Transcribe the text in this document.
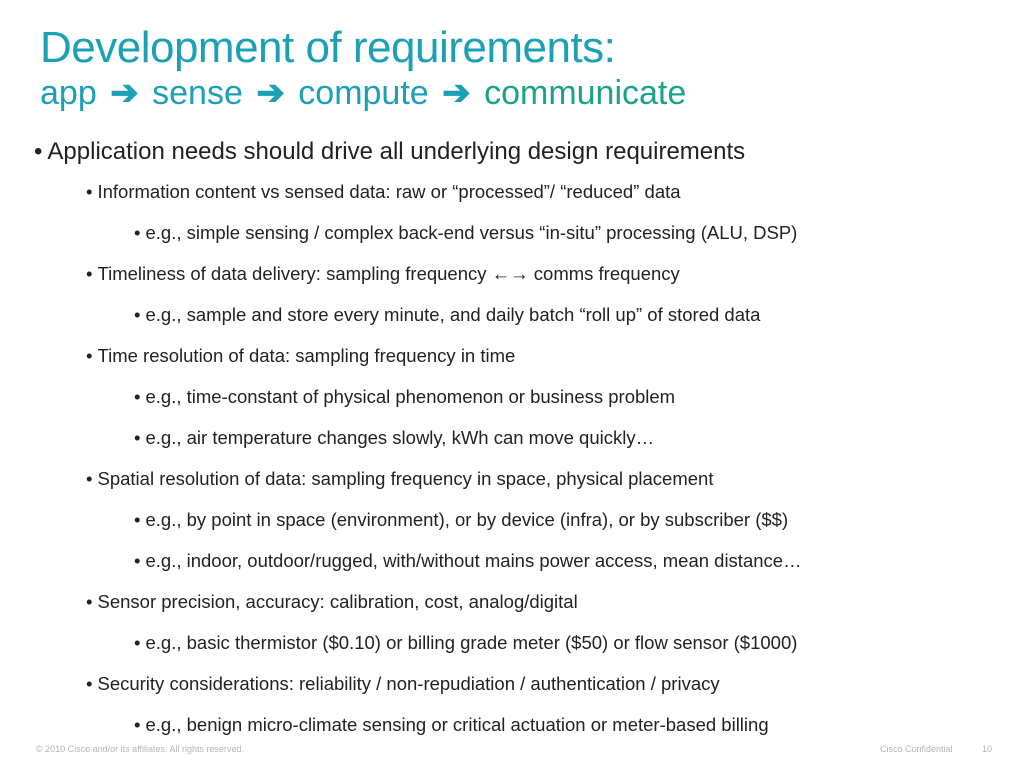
Development of requirements:
app ➔ sense ➔ compute ➔ communicate
• Application needs should drive all underlying design requirements
• Information content vs sensed data: raw or “processed”/ “reduced” data
• e.g., simple sensing / complex back-end versus “in-situ” processing (ALU, DSP)
• Timeliness of data delivery: sampling frequency ←→ comms frequency
• e.g., sample and store every minute, and daily batch “roll up” of stored data
• Time resolution of data: sampling frequency in time
• e.g., time-constant of physical phenomenon or business problem
• e.g., air temperature changes slowly, kWh can move quickly…
• Spatial resolution of data: sampling frequency in space, physical placement
• e.g., by point in space (environment), or by device (infra), or by subscriber ($$)
• e.g., indoor, outdoor/rugged, with/without mains power access, mean distance…
• Sensor precision, accuracy: calibration, cost, analog/digital
• e.g., basic thermistor ($0.10) or billing grade meter ($50) or flow sensor ($1000)
• Security considerations: reliability / non-repudiation / authentication / privacy
• e.g., benign micro-climate sensing or critical actuation or meter-based billing
© 2010 Cisco and/or its affiliates. All rights reserved.	Cisco Confidential	10
